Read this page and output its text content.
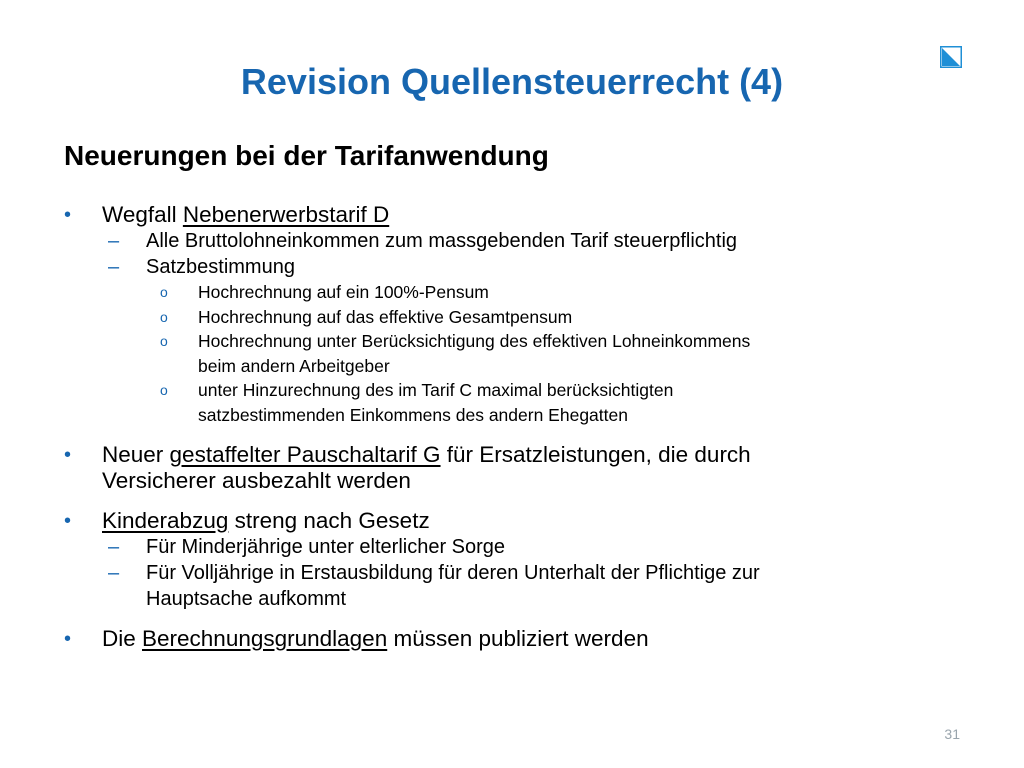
Revision Quellensteuerrecht (4)
Neuerungen bei der Tarifanwendung
• Wegfall Nebenerwerbstarif D
– Alle Bruttolohneinkommen zum massgebenden Tarif steuerpflichtig
– Satzbestimmung
o Hochrechnung auf ein 100%-Pensum
o Hochrechnung auf das effektive Gesamtpensum
o Hochrechnung unter Berücksichtigung des effektiven Lohneinkommens
beim andern Arbeitgeber
o unter Hinzurechnung des im Tarif C maximal berücksichtigten
satzbestimmenden Einkommens des andern Ehegatten
• Neuer gestaffelter Pauschaltarif G für Ersatzleistungen, die durch
Versicherer ausbezahlt werden
• Kinderabzug streng nach Gesetz
– Für Minderjährige unter elterlicher Sorge
– Für Volljährige in Erstausbildung für deren Unterhalt der Pflichtige zur
Hauptsache aufkommt
• Die Berechnungsgrundlagen müssen publiziert werden
31
